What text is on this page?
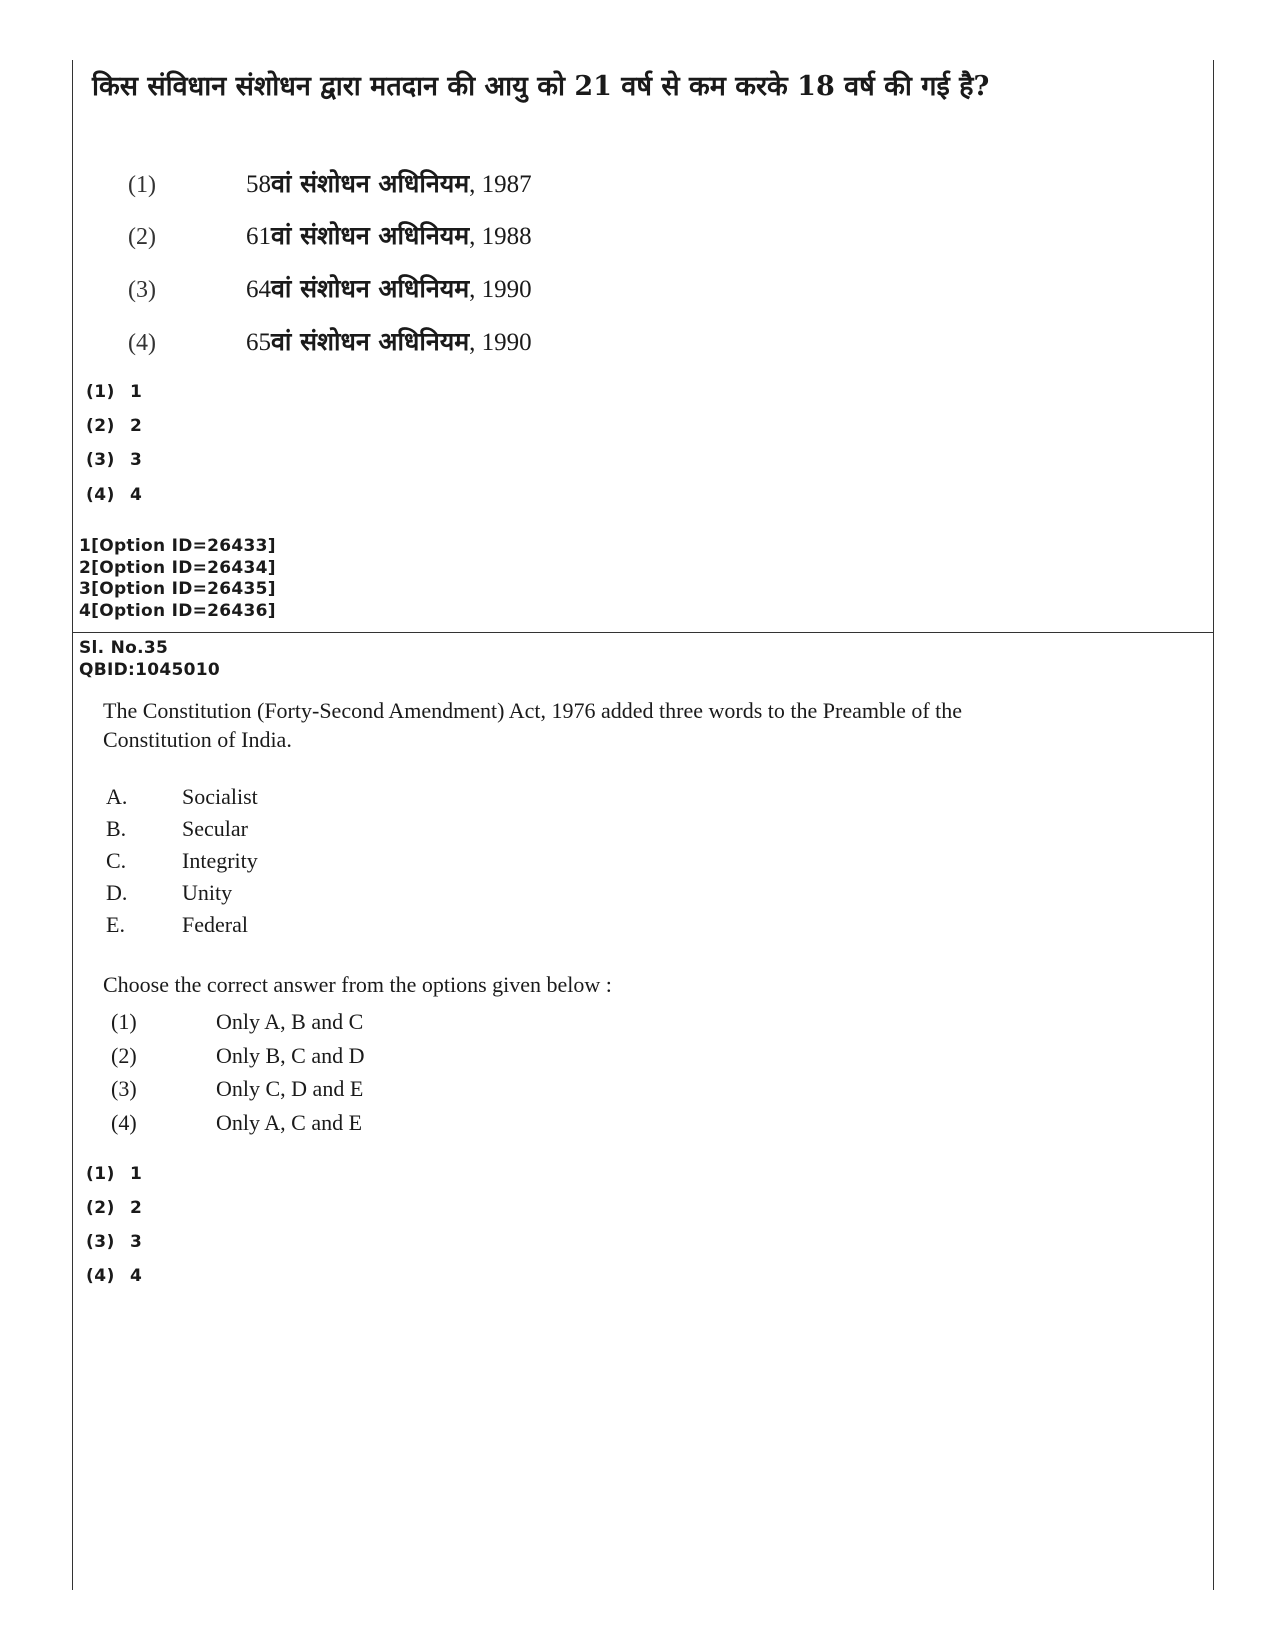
किस संविधान संशोधन द्वारा मतदान की आयु को 21 वर्ष से कम करके 18 वर्ष की गई है?
(1)	58वां संशोधन अधिनियम, 1987
(2)	61वां संशोधन अधिनियम, 1988
(3)	64वां संशोधन अधिनियम, 1990
(4)	65वां संशोधन अधिनियम, 1990
(1) 1
(2) 2
(3) 3
(4) 4
1[Option ID=26433]
2[Option ID=26434]
3[Option ID=26435]
4[Option ID=26436]
Sl. No.35
QBID:1045010
The Constitution (Forty-Second Amendment) Act, 1976 added three words to the Preamble of the Constitution of India.
A.	Socialist
B.	Secular
C.	Integrity
D.	Unity
E.	Federal
Choose the correct answer from the options given below :
(1)	Only A, B and C
(2)	Only B, C and D
(3)	Only C, D and E
(4)	Only A, C and E
(1) 1
(2) 2
(3) 3
(4) 4
